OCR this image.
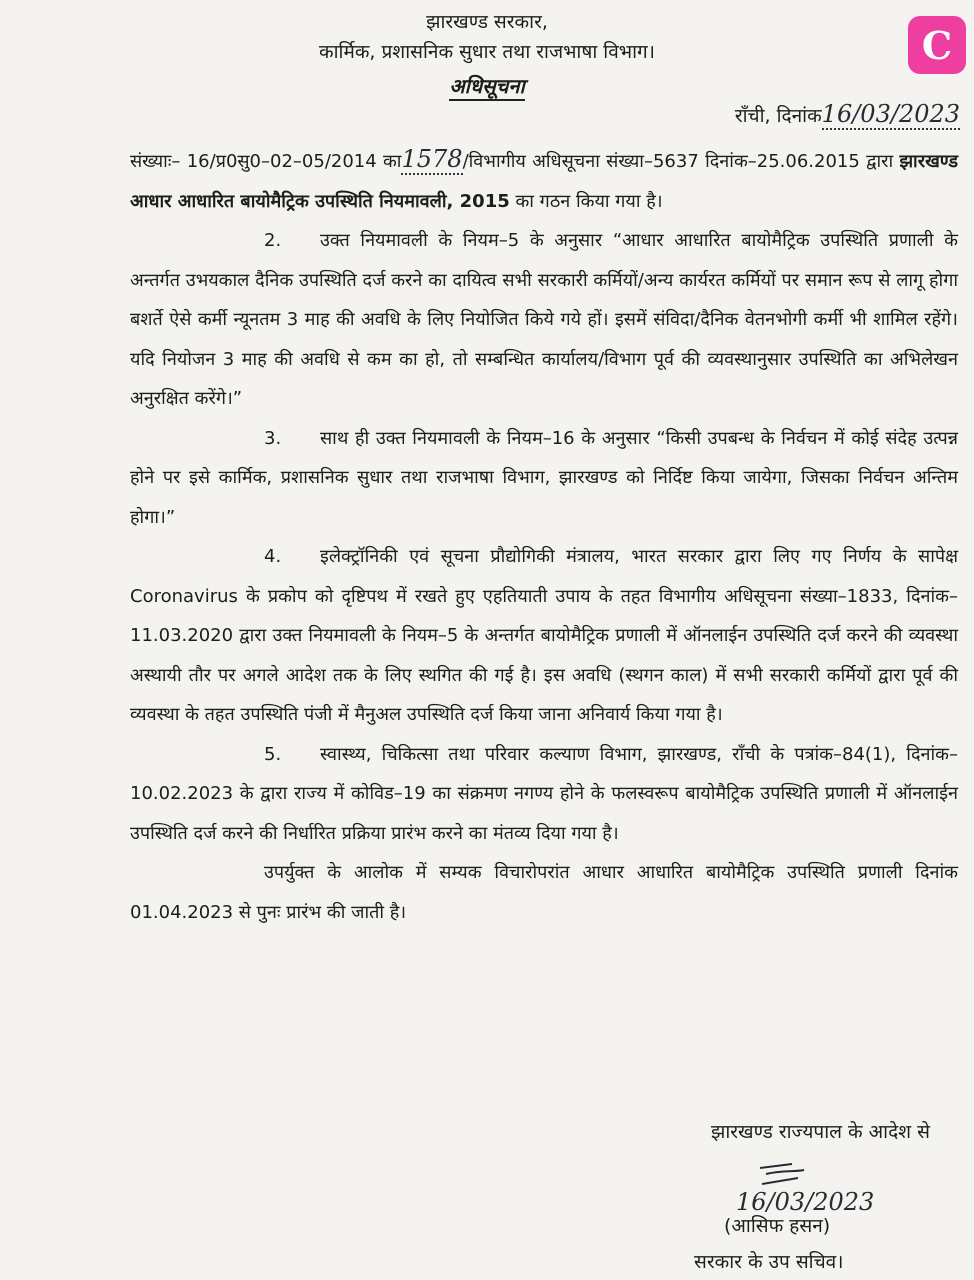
झारखण्ड सरकार,
कार्मिक, प्रशासनिक सुधार तथा राजभाषा विभाग।
अधिसूचना
राँची, दिनांक16/03/2023

संख्याः– 16/प्र0सु0–02–05/2014 का1578/विभागीय अधिसूचना संख्या–5637 दिनांक–25.06.2015 द्वारा झारखण्ड आधार आधारित बायोमैट्रिक उपस्थिति नियमावली, 2015 का गठन किया गया है।

2. उक्त नियमावली के नियम–5 के अनुसार “आधार आधारित बायोमैट्रिक उपस्थिति प्रणाली के अन्तर्गत उभयकाल दैनिक उपस्थिति दर्ज करने का दायित्व सभी सरकारी कर्मियों/अन्य कार्यरत कर्मियों पर समान रूप से लागू होगा बशर्ते ऐसे कर्मी न्यूनतम 3 माह की अवधि के लिए नियोजित किये गये हों। इसमें संविदा/दैनिक वेतनभोगी कर्मी भी शामिल रहेंगे। यदि नियोजन 3 माह की अवधि से कम का हो, तो सम्बन्धित कार्यालय/विभाग पूर्व की व्यवस्थानुसार उपस्थिति का अभिलेखन अनुरक्षित करेंगे।”

3. साथ ही उक्त नियमावली के नियम–16 के अनुसार “किसी उपबन्ध के निर्वचन में कोई संदेह उत्पन्न होने पर इसे कार्मिक, प्रशासनिक सुधार तथा राजभाषा विभाग, झारखण्ड को निर्दिष्ट किया जायेगा, जिसका निर्वचन अन्तिम होगा।”

4. इलेक्ट्रॉनिकी एवं सूचना प्रौद्योगिकी मंत्रालय, भारत सरकार द्वारा लिए गए निर्णय के सापेक्ष Coronavirus के प्रकोप को दृष्टिपथ में रखते हुए एहतियाती उपाय के तहत विभागीय अधिसूचना संख्या–1833, दिनांक–11.03.2020 द्वारा उक्त नियमावली के नियम–5 के अन्तर्गत बायोमैट्रिक प्रणाली में ऑनलाईन उपस्थिति दर्ज करने की व्यवस्था अस्थायी तौर पर अगले आदेश तक के लिए स्थगित की गई है। इस अवधि (स्थगन काल) में सभी सरकारी कर्मियों द्वारा पूर्व की व्यवस्था के तहत उपस्थिति पंजी में मैनुअल उपस्थिति दर्ज किया जाना अनिवार्य किया गया है।

5. स्वास्थ्य, चिकित्सा तथा परिवार कल्याण विभाग, झारखण्ड, राँची के पत्रांक–84(1), दिनांक–10.02.2023 के द्वारा राज्य में कोविड–19 का संक्रमण नगण्य होने के फलस्वरूप बायोमैट्रिक उपस्थिति प्रणाली में ऑनलाईन उपस्थिति दर्ज करने की निर्धारित प्रक्रिया प्रारंभ करने का मंतव्य दिया गया है।

उपर्युक्त के आलोक में सम्यक विचारोपरांत आधार आधारित बायोमैट्रिक उपस्थिति प्रणाली दिनांक 01.04.2023 से पुनः प्रारंभ की जाती है।

झारखण्ड राज्यपाल के आदेश से
16/03/2023
(आसिफ हसन)
सरकार के उप सचिव।
C
